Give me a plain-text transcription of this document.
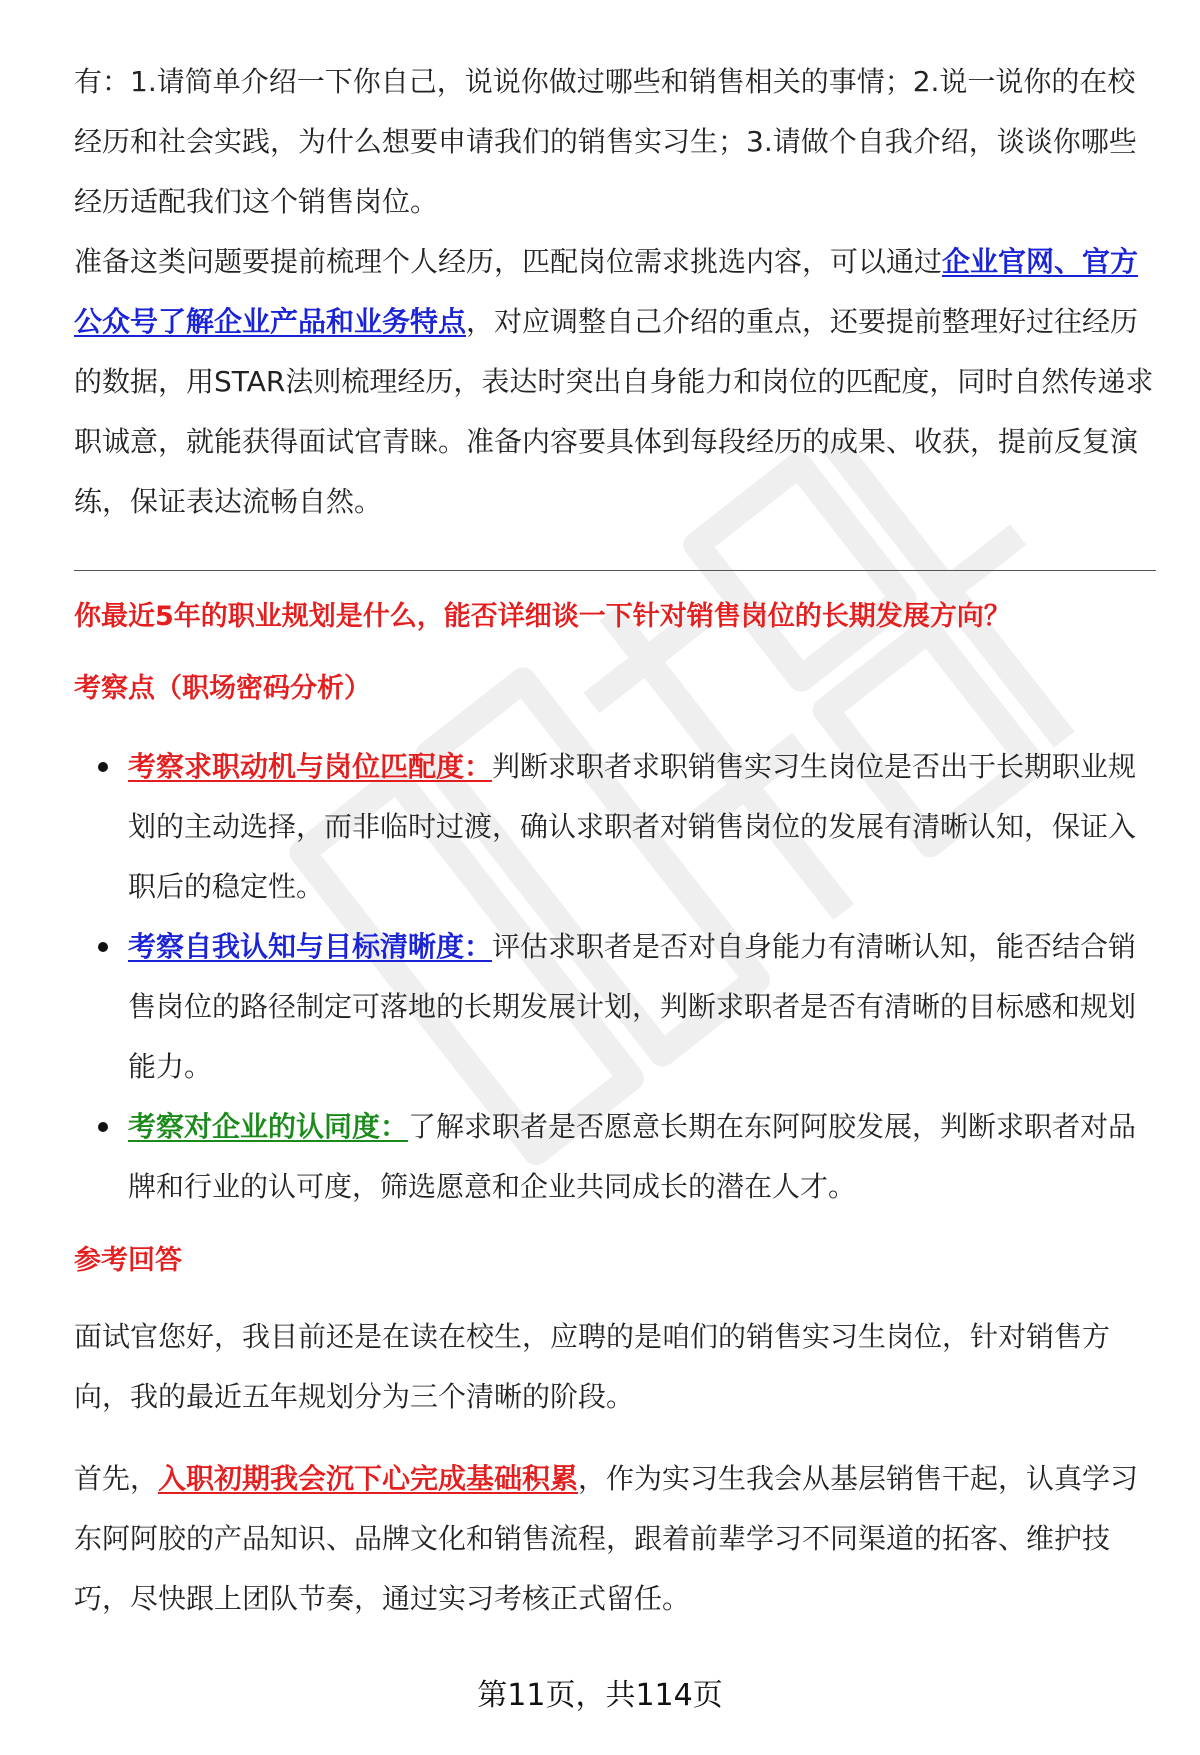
有：1.请简单介绍一下你自己，说说你做过哪些和销售相关的事情；2.说一说你的在校经历和社会实践，为什么想要申请我们的销售实习生；3.请做个自我介绍，谈谈你哪些经历适配我们这个销售岗位。

准备这类问题要提前梳理个人经历，匹配岗位需求挑选内容，可以通过企业官网、官方公众号了解企业产品和业务特点，对应调整自己介绍的重点，还要提前整理好过往经历的数据，用STAR法则梳理经历，表达时突出自身能力和岗位的匹配度，同时自然传递求职诚意，就能获得面试官青睐。准备内容要具体到每段经历的成果、收获，提前反复演练，保证表达流畅自然。

你最近5年的职业规划是什么，能否详细谈一下针对销售岗位的长期发展方向？
考察点（职场密码分析）
考察求职动机与岗位匹配度：判断求职者求职销售实习生岗位是否出于长期职业规划的主动选择，而非临时过渡，确认求职者对销售岗位的发展有清晰认知，保证入职后的稳定性。
考察自我认知与目标清晰度：评估求职者是否对自身能力有清晰认知，能否结合销售岗位的路径制定可落地的长期发展计划，判断求职者是否有清晰的目标感和规划能力。
考察对企业的认同度：了解求职者是否愿意长期在东阿阿胶发展，判断求职者对品牌和行业的认可度，筛选愿意和企业共同成长的潜在人才。
参考回答

面试官您好，我目前还是在读在校生，应聘的是咱们的销售实习生岗位，针对销售方向，我的最近五年规划分为三个清晰的阶段。

首先，入职初期我会沉下心完成基础积累，作为实习生我会从基层销售干起，认真学习东阿阿胶的产品知识、品牌文化和销售流程，跟着前辈学习不同渠道的拓客、维护技巧，尽快跟上团队节奏，通过实习考核正式留任。

第11页，共114页
